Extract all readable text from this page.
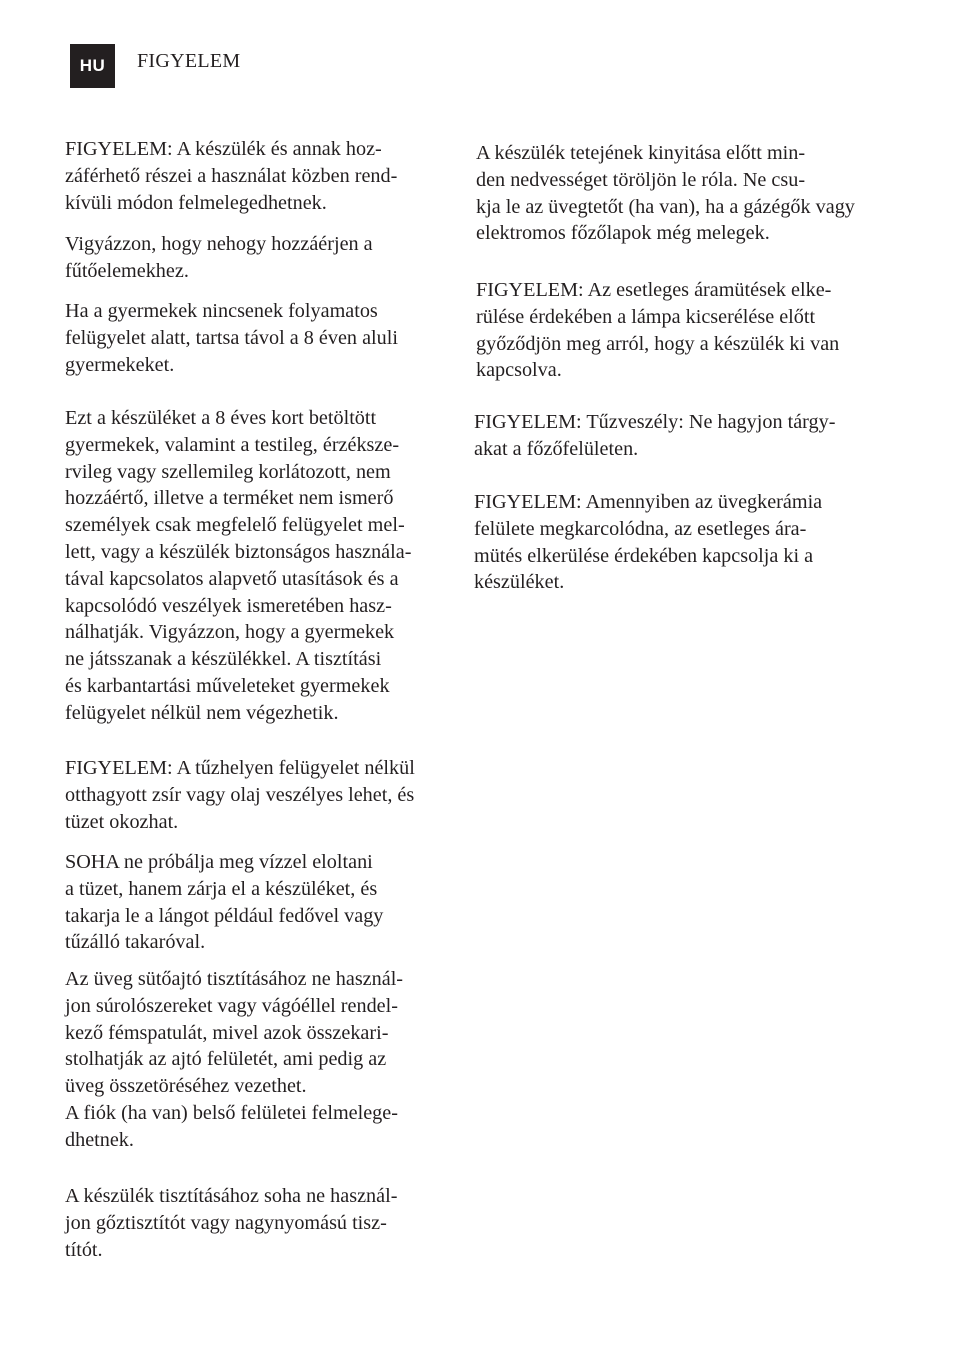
HU	FIGYELEM
FIGYELEM: A készülék és annak hoz-
záférhető részei a használat közben rend-
kívüli módon felmelegedhetnek.
Vigyázzon, hogy nehogy hozzáérjen a
fűtőelemekhez.
Ha a gyermekek nincsenek folyamatos
felügyelet alatt, tartsa távol a 8 éven aluli
gyermekeket.
Ezt a készüléket a 8 éves kort betöltött
gyermekek, valamint a testileg, érzéksze-
rvileg vagy szellemileg korlátozott, nem
hozzáértő, illetve a terméket nem ismerő
személyek csak megfelelő felügyelet mel-
lett, vagy a készülék biztonságos használa-
tával kapcsolatos alapvető utasítások és a
kapcsolódó veszélyek ismeretében hasz-
nálhatják. Vigyázzon, hogy a gyermekek
ne játsszanak a készülékkel. A tisztítási
és karbantartási műveleteket gyermekek
felügyelet nélkül nem végezhetik.
FIGYELEM: A tűzhelyen felügyelet nélkül
otthagyott zsír vagy olaj veszélyes lehet, és
tüzet okozhat.
SOHA ne próbálja meg vízzel eloltani
a tüzet, hanem zárja el a készüléket, és
takarja le a lángot például fedővel vagy
tűzálló takaróval.
Az üveg sütőajtó tisztításához ne használ-
jon súrolószereket vagy vágóéllel rendel-
kező fémspatulát, mivel azok összekari-
stolhatják az ajtó felületét, ami pedig az
üveg összetöréséhez vezethet.
A fiók (ha van) belső felületei felmelege-
dhetnek.
A készülék tisztításához soha ne használ-
jon gőztisztítót vagy nagynyomású tisz-
títót.
A készülék tetejének kinyitása előtt min-
den nedvességet töröljön le róla. Ne csu-
kja le az üvegtetőt (ha van), ha a gázégők vagy
elektromos főzőlapok még melegek.
FIGYELEM: Az esetleges áramütések elke-
rülése érdekében a lámpa kicserélése előtt
győződjön meg arról, hogy a készülék ki van
kapcsolva.
FIGYELEM: Tűzveszély: Ne hagyjon tárgy-
akat a főzőfelületen.
FIGYELEM: Amennyiben az üvegkerámia
felülete megkarcolódna, az esetleges ára-
mütés elkerülése érdekében kapcsolja ki a
készüléket.
